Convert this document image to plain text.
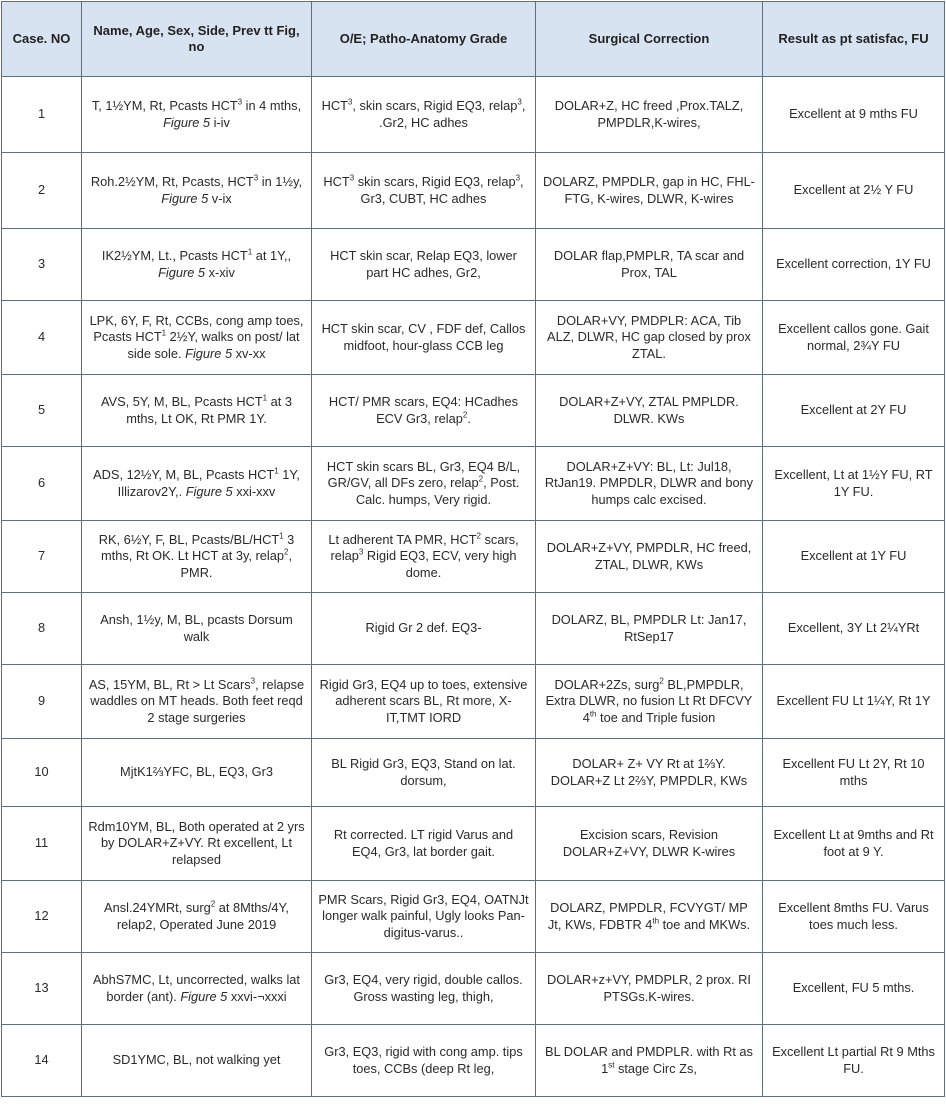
Case. NO	Name, Age, Sex, Side, Prev tt Fig, no	O/E; Patho-Anatomy Grade	Surgical Correction	Result as pt satisfac, FU
1	T, 1½YM, Rt, Pcasts HCT$^3$ in 4 mths, Figure 5 i-iv	HCT$^3$, skin scars, Rigid EQ3, relap$^3$, .Gr2, HC adhes	DOLAR+Z, HC freed ,Prox.TALZ, PMPDLR,K-wires,	Excellent at 9 mths FU
2	Roh.2½YM, Rt, Pcasts, HCT$^3$ in 1½y, Figure 5 v-ix	HCT$^3$ skin scars, Rigid EQ3, relap$^3$, Gr3, CUBT, HC adhes	DOLARZ, PMPDLR, gap in HC, FHL-FTG, K-wires, DLWR, K-wires	Excellent at 2½ Y FU
3	IK2½YM, Lt., Pcasts HCT$^1$ at 1Y,, Figure 5 x-xiv	HCT skin scar, Relap EQ3, lower part HC adhes, Gr2,	DOLAR flap,PMPLR, TA scar and Prox, TAL	Excellent correction, 1Y FU
4	LPK, 6Y, F, Rt, CCBs, cong amp toes, Pcasts HCT$^1$ 2½Y, walks on post/ lat side sole. Figure 5 xv-xx	HCT skin scar, CV , FDF def, Callos midfoot, hour-glass CCB leg	DOLAR+VY, PMDPLR: ACA, Tib ALZ, DLWR, HC gap closed by prox ZTAL.	Excellent callos gone. Gait normal, 2¾Y FU
5	AVS, 5Y, M, BL, Pcasts HCT$^1$ at 3 mths, Lt OK, Rt PMR 1Y.	HCT/ PMR scars, EQ4: HCadhes ECV Gr3, relap$^2$.	DOLAR+Z+VY, ZTAL PMPLDR. DLWR. KWs	Excellent at 2Y FU
6	ADS, 12½Y, M, BL, Pcasts HCT$^1$ 1Y, Illizarov2Y,. Figure 5 xxi-xxv	HCT skin scars BL, Gr3, EQ4 B/L, GR/GV, all DFs zero, relap$^2$, Post. Calc. humps, Very rigid.	DOLAR+Z+VY: BL, Lt: Jul18, RtJan19. PMPDLR, DLWR and bony humps calc excised.	Excellent, Lt at 1½Y FU, RT 1Y FU.
7	RK, 6½Y, F, BL, Pcasts/BL/HCT$^1$ 3 mths, Rt OK. Lt HCT at 3y, relap$^2$, PMR.	Lt adherent TA PMR, HCT$^2$ scars, relap$^3$ Rigid EQ3, ECV, very high dome.	DOLAR+Z+VY, PMPDLR, HC freed, ZTAL, DLWR, KWs	Excellent at 1Y FU
8	Ansh, 1½y, M, BL, pcasts Dorsum walk	Rigid Gr 2 def. EQ3-	DOLARZ, BL, PMPDLR Lt: Jan17, RtSep17	Excellent, 3Y Lt 2¼YRt
9	AS, 15YM, BL, Rt > Lt Scars$^3$, relapse waddles on MT heads. Both feet reqd 2 stage surgeries	Rigid Gr3, EQ4 up to toes, extensive adherent scars BL, Rt more, X- IT,TMT IORD	DOLAR+2Zs, surg$^2$ BL,PMPDLR, Extra DLWR, no fusion Lt Rt DFCVY 4th toe and Triple fusion	Excellent FU Lt 1¼Y, Rt 1Y
10	MjtK1⅔YFC, BL, EQ3, Gr3	BL Rigid Gr3, EQ3, Stand on lat. dorsum,	DOLAR+ Z+ VY Rt at 1⅔Y. DOLAR+Z Lt 2⅔Y, PMPDLR, KWs	Excellent FU Lt 2Y, Rt 10 mths
11	Rdm10YM, BL, Both operated at 2 yrs by DOLAR+Z+VY. Rt excellent, Lt relapsed	Rt corrected. LT rigid Varus and EQ4, Gr3, lat border gait.	Excision scars, Revision DOLAR+Z+VY, DLWR K-wires	Excellent Lt at 9mths and Rt foot at 9 Y.
12	Ansl.24YMRt, surg$^2$ at 8Mths/4Y, relap2, Operated June 2019	PMR Scars, Rigid Gr3, EQ4, OATNJt longer walk painful, Ugly looks Pan-digitus-varus..	DOLARZ, PMPDLR, FCVYGT/ MP Jt, KWs, FDBTR 4th toe and MKWs.	Excellent 8mths FU. Varus toes much less.
13	AbhS7MC, Lt, uncorrected, walks lat border (ant). Figure 5 xxvi-¬xxxi	Gr3, EQ4, very rigid, double callos. Gross wasting leg, thigh,	DOLAR+z+VY, PMDPLR, 2 prox. RI PTSGs.K-wires.	Excellent, FU 5 mths.
14	SD1YMC, BL, not walking yet	Gr3, EQ3, rigid with cong amp. tips toes, CCBs (deep Rt leg,	BL DOLAR and PMDPLR. with Rt as 1st stage Circ Zs,	Excellent Lt partial Rt 9 Mths FU.
